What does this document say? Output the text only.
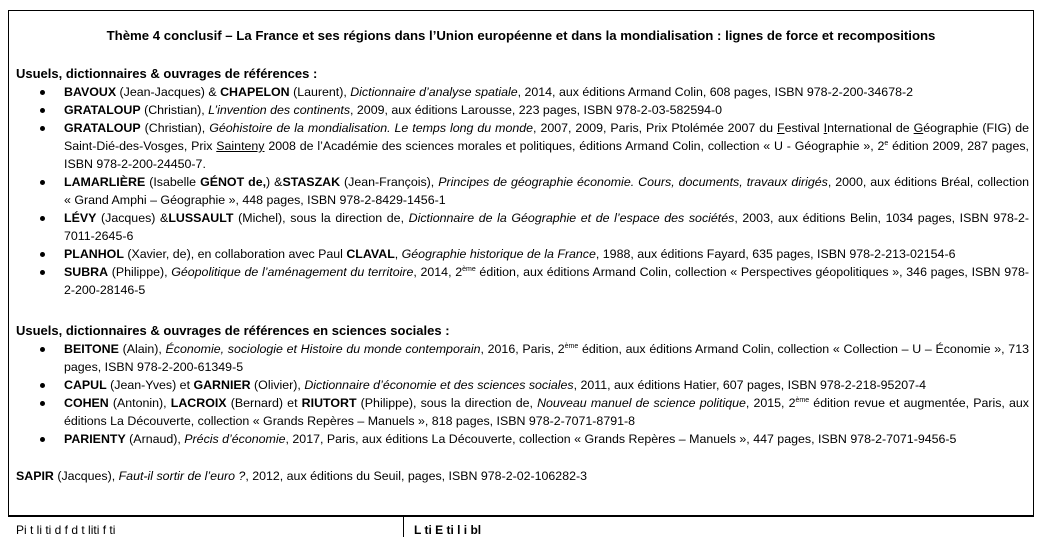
Thème 4 conclusif – La France et ses régions dans l’Union européenne et dans la mondialisation : lignes de force et recompositions
Usuels, dictionnaires & ouvrages de références :
BAVOUX (Jean-Jacques) & CHAPELON (Laurent), Dictionnaire d’analyse spatiale, 2014, aux éditions Armand Colin, 608 pages, ISBN 978-2-200-34678-2
GRATALOUP (Christian), L’invention des continents, 2009, aux éditions Larousse, 223 pages, ISBN 978-2-03-582594-0
GRATALOUP (Christian), Géohistoire de la mondialisation. Le temps long du monde, 2007, 2009, Paris, Prix Ptolémée 2007 du Festival International de Géographie (FIG) de Saint-Dié-des-Vosges, Prix Sainteny 2008 de l’Académie des sciences morales et politiques, éditions Armand Colin, collection « U - Géographie », 2e édition 2009, 287 pages, ISBN 978-2-200-24450-7.
LAMARLIÈRE (Isabelle GÉNOT de,) &STASZAK (Jean-François), Principes de géographie économie. Cours, documents, travaux dirigés, 2000, aux éditions Bréal, collection « Grand Amphi – Géographie », 448 pages, ISBN 978-2-8429-1456-1
LÉVY (Jacques) &LUSSAULT (Michel), sous la direction de, Dictionnaire de la Géographie et de l’espace des sociétés, 2003, aux éditions Belin, 1034 pages, ISBN 978-2-7011-2645-6
PLANHOL (Xavier, de), en collaboration avec Paul CLAVAL, Géographie historique de la France, 1988, aux éditions Fayard, 635 pages, ISBN 978-2-213-02154-6
SUBRA (Philippe), Géopolitique de l’aménagement du territoire, 2014, 2ème édition, aux éditions Armand Colin, collection « Perspectives géopolitiques », 346 pages, ISBN 978-2-200-28146-5
Usuels, dictionnaires & ouvrages de références en sciences sociales :
BEITONE (Alain), Économie, sociologie et Histoire du monde contemporain, 2016, Paris, 2ème édition, aux éditions Armand Colin, collection « Collection – U – Économie », 713 pages, ISBN 978-2-200-61349-5
CAPUL (Jean-Yves) et GARNIER (Olivier), Dictionnaire d’économie et des sciences sociales, 2011, aux éditions Hatier, 607 pages, ISBN 978-2-218-95207-4
COHEN (Antonin), LACROIX (Bernard) et RIUTORT (Philippe), sous la direction de, Nouveau manuel de science politique, 2015, 2ème édition revue et augmentée, Paris, aux éditions La Découverte, collection « Grands Repères – Manuels », 818 pages, ISBN 978-2-7071-8791-8
PARIENTY (Arnaud), Précis d’économie, 2017, Paris, aux éditions La Découverte, collection « Grands Repères – Manuels », 447 pages, ISBN 978-2-7071-9456-5
SAPIR (Jacques), Faut-il sortir de l’euro ?, 2012, aux éditions du Seuil, pages, ISBN 978-2-02-106282-3
Pi t li ti d f d t liti f ti	L ti E ti l i bl
